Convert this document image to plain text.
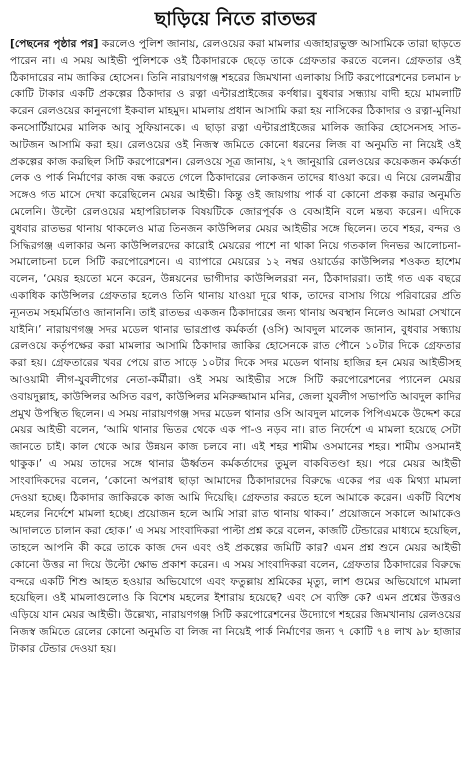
ছাড়িয়ে নিতে রাতভর
[পেছনের পৃষ্ঠার পর] করলেও পুলিশ জানায়, রেলওয়ের করা মামলার এজাহারভুক্ত আসামিকে তারা ছাড়তে পারেন না। এ সময় আইভী পুলিশকে ওই ঠিকাদারকে ছেড়ে তাকে গ্রেফতার করতে বলেন। গ্রেফতার ওই ঠিকাদারের নাম জাকির হোসেন। তিনি নারায়ণগঞ্জ শহরের জিমখানা এলাকায় সিটি করপোরেশনের চলমান ৮ কোটি টাকার একটি প্রকল্পের ঠিকাদার ও রত্না এন্টারপ্রাইজের কর্ণধার। বুধবার সন্ধ্যায় বাদী হয়ে মামলাটি করেন রেলওয়ের কানুনগো ইকবাল মাহমুদ। মামলায় প্রধান আসামি করা হয় নাসিকের ঠিকাদার ও রত্না-মুনিয়া কনসোর্টিয়ামের মালিক আবু সুফিয়ানকে। এ ছাড়া রত্না এন্টারপ্রাইজের মালিক জাকির হোসেনসহ সাত-আটজন আসামি করা হয়। রেলওয়ের ওই নিজস্ব জমিতে কোনো ধরনের লিজ বা অনুমতি না নিয়েই ওই প্রকল্পের কাজ করছিল সিটি করপোরেশন। রেলওয়ে সূত্র জানায়, ২৭ জানুয়ারি রেলওয়ের কয়েকজন কর্মকর্তা লেক ও পার্ক নির্মাণের কাজ বন্ধ করতে গেলে ঠিকাদারের লোকজন তাদের ধাওয়া করে। এ নিয়ে রেলমন্ত্রীর সঙ্গেও গত মাসে দেখা করেছিলেন মেয়র আইভী। কিন্তু ওই জায়গায় পার্ক বা কোনো প্রকল্প করার অনুমতি মেলেনি। উল্টো রেলওয়ের মহাপরিচালক বিষয়টিকে জোরপূর্বক ও বেআইনি বলে মন্তব্য করেন। এদিকে বুধবার রাতভর থানায় থাকলেও মাত্র তিনজন কাউন্সিলর মেয়র আইভীর সঙ্গে ছিলেন। তবে শহর, বন্দর ও সিদ্ধিরগঞ্জ এলাকার অন্য কাউন্সিলরদের কারোই মেয়রের পাশে না থাকা নিয়ে গতকাল দিনভর আলোচনা-সমালোচনা চলে সিটি করপোরেশনে। এ ব্যাপারে মেয়রের ১২ নম্বর ওয়ার্ডের কাউন্সিলর শওকত হাশেম বলেন, ‘মেয়র হয়তো মনে করেন, উন্নয়নের ভাগীদার কাউন্সিলররা নন, ঠিকাদাররা। তাই গত এক বছরে একাধিক কাউন্সিলর গ্রেফতার হলেও তিনি থানায় যাওয়া দূরে থাক, তাদের বাসায় গিয়ে পরিবারের প্রতি ন্যূনতম সহমর্মিতাও জানাননি। তাই রাতভর একজন ঠিকাদারের জন্য থানায় অবস্থান নিলেও আমরা সেখানে যাইনি।’ নারায়ণগঞ্জ সদর মডেল থানার ভারপ্রাপ্ত কর্মকর্তা (ওসি) আবদুল মালেক জানান, বুধবার সন্ধ্যায় রেলওয়ে কর্তৃপক্ষের করা মামলার আসামি ঠিকাদার জাকির হোসেনকে রাত পৌনে ১০টার দিকে গ্রেফতার করা হয়। গ্রেফতারের খবর পেয়ে রাত সাড়ে ১০টার দিকে সদর মডেল থানায় হাজির হন মেয়র আইভীসহ আওয়ামী লীগ-যুবলীগের নেতা-কর্মীরা। ওই সময় আইভীর সঙ্গে সিটি করপোরেশনের প্যানেল মেয়র ওবায়দুল্লাহ, কাউন্সিলর অসিত বরণ, কাউন্সিলর মনিরুজ্জামান মনির, জেলা যুবলীগ সভাপতি আবদুল কাদির প্রমুখ উপস্থিত ছিলেন। এ সময় নারায়ণগঞ্জ সদর মডেল থানার ওসি আবদুল মালেক পিপিএমকে উদ্দেশ করে মেয়র আইভী বলেন, ‘আমি থানার ভিতর থেকে এক পা-ও নড়ব না। রাত নির্দেশে এ মামলা হয়েছে সেটা জানতে চাই। কাল থেকে আর উন্নয়ন কাজ চলবে না। এই শহর শামীম ওসমানের শহর। শামীম ওসমানই থাকুক।’ এ সময় তাদের সঙ্গে থানার ঊর্ধ্বতন কর্মকর্তাদের তুমুল বাকবিতণ্ডা হয়। পরে মেয়র আইভী সাংবাদিকদের বলেন, ‘কোনো অপরাধ ছাড়া আমাদের ঠিকাদারদের বিরুদ্ধে একের পর এক মিথ্যা মামলা দেওয়া হচ্ছে। ঠিকাদার জাকিরকে কাজ আমি দিয়েছি। গ্রেফতার করতে হলে আমাকে করেন। একটি বিশেষ মহলের নির্দেশে মামলা হচ্ছে। প্রয়োজন হলে আমি সারা রাত থানায় থাকব।’ প্রয়োজনে সকালে আমাকেও আদালতে চালান করা হোক।’ এ সময় সাংবাদিকরা পাল্টা প্রশ্ন করে বলেন, কাজটি টেন্ডারের মাধ্যমে হয়েছিল, তাহলে আপনি কী করে তাকে কাজ দেন এবং ওই প্রকল্পের জমিটি কার? এমন প্রশ্ন শুনে মেয়র আইভী কোনো উত্তর না দিয়ে উল্টো ক্ষোভ প্রকাশ করেন। এ সময় সাংবাদিকরা বলেন, গ্রেফতার ঠিকাদারের বিরুদ্ধে বন্দরে একটি শিশু আহত হওয়ার অভিযোগে এবং ফতুল্লায় শ্রমিকের মৃত্যু, লাশ গুমের অভিযোগে মামলা হয়েছিল। ওই মামলাগুলোও কি বিশেষ মহলের ইশারায় হয়েছে? এবং সে ব্যক্তি কে? এমন প্রশ্নের উত্তরও এড়িয়ে যান মেয়র আইভী। উল্লেখ্য, নারায়ণগঞ্জ সিটি করপোরেশনের উদ্যোগে শহরের জিমখানায় রেলওয়ের নিজস্ব জমিতে রেলের কোনো অনুমতি বা লিজ না নিয়েই পার্ক নির্মাণের জন্য ৭ কোটি ৭৪ লাখ ৯৮ হাজার টাকার টেন্ডার দেওয়া হয়।
